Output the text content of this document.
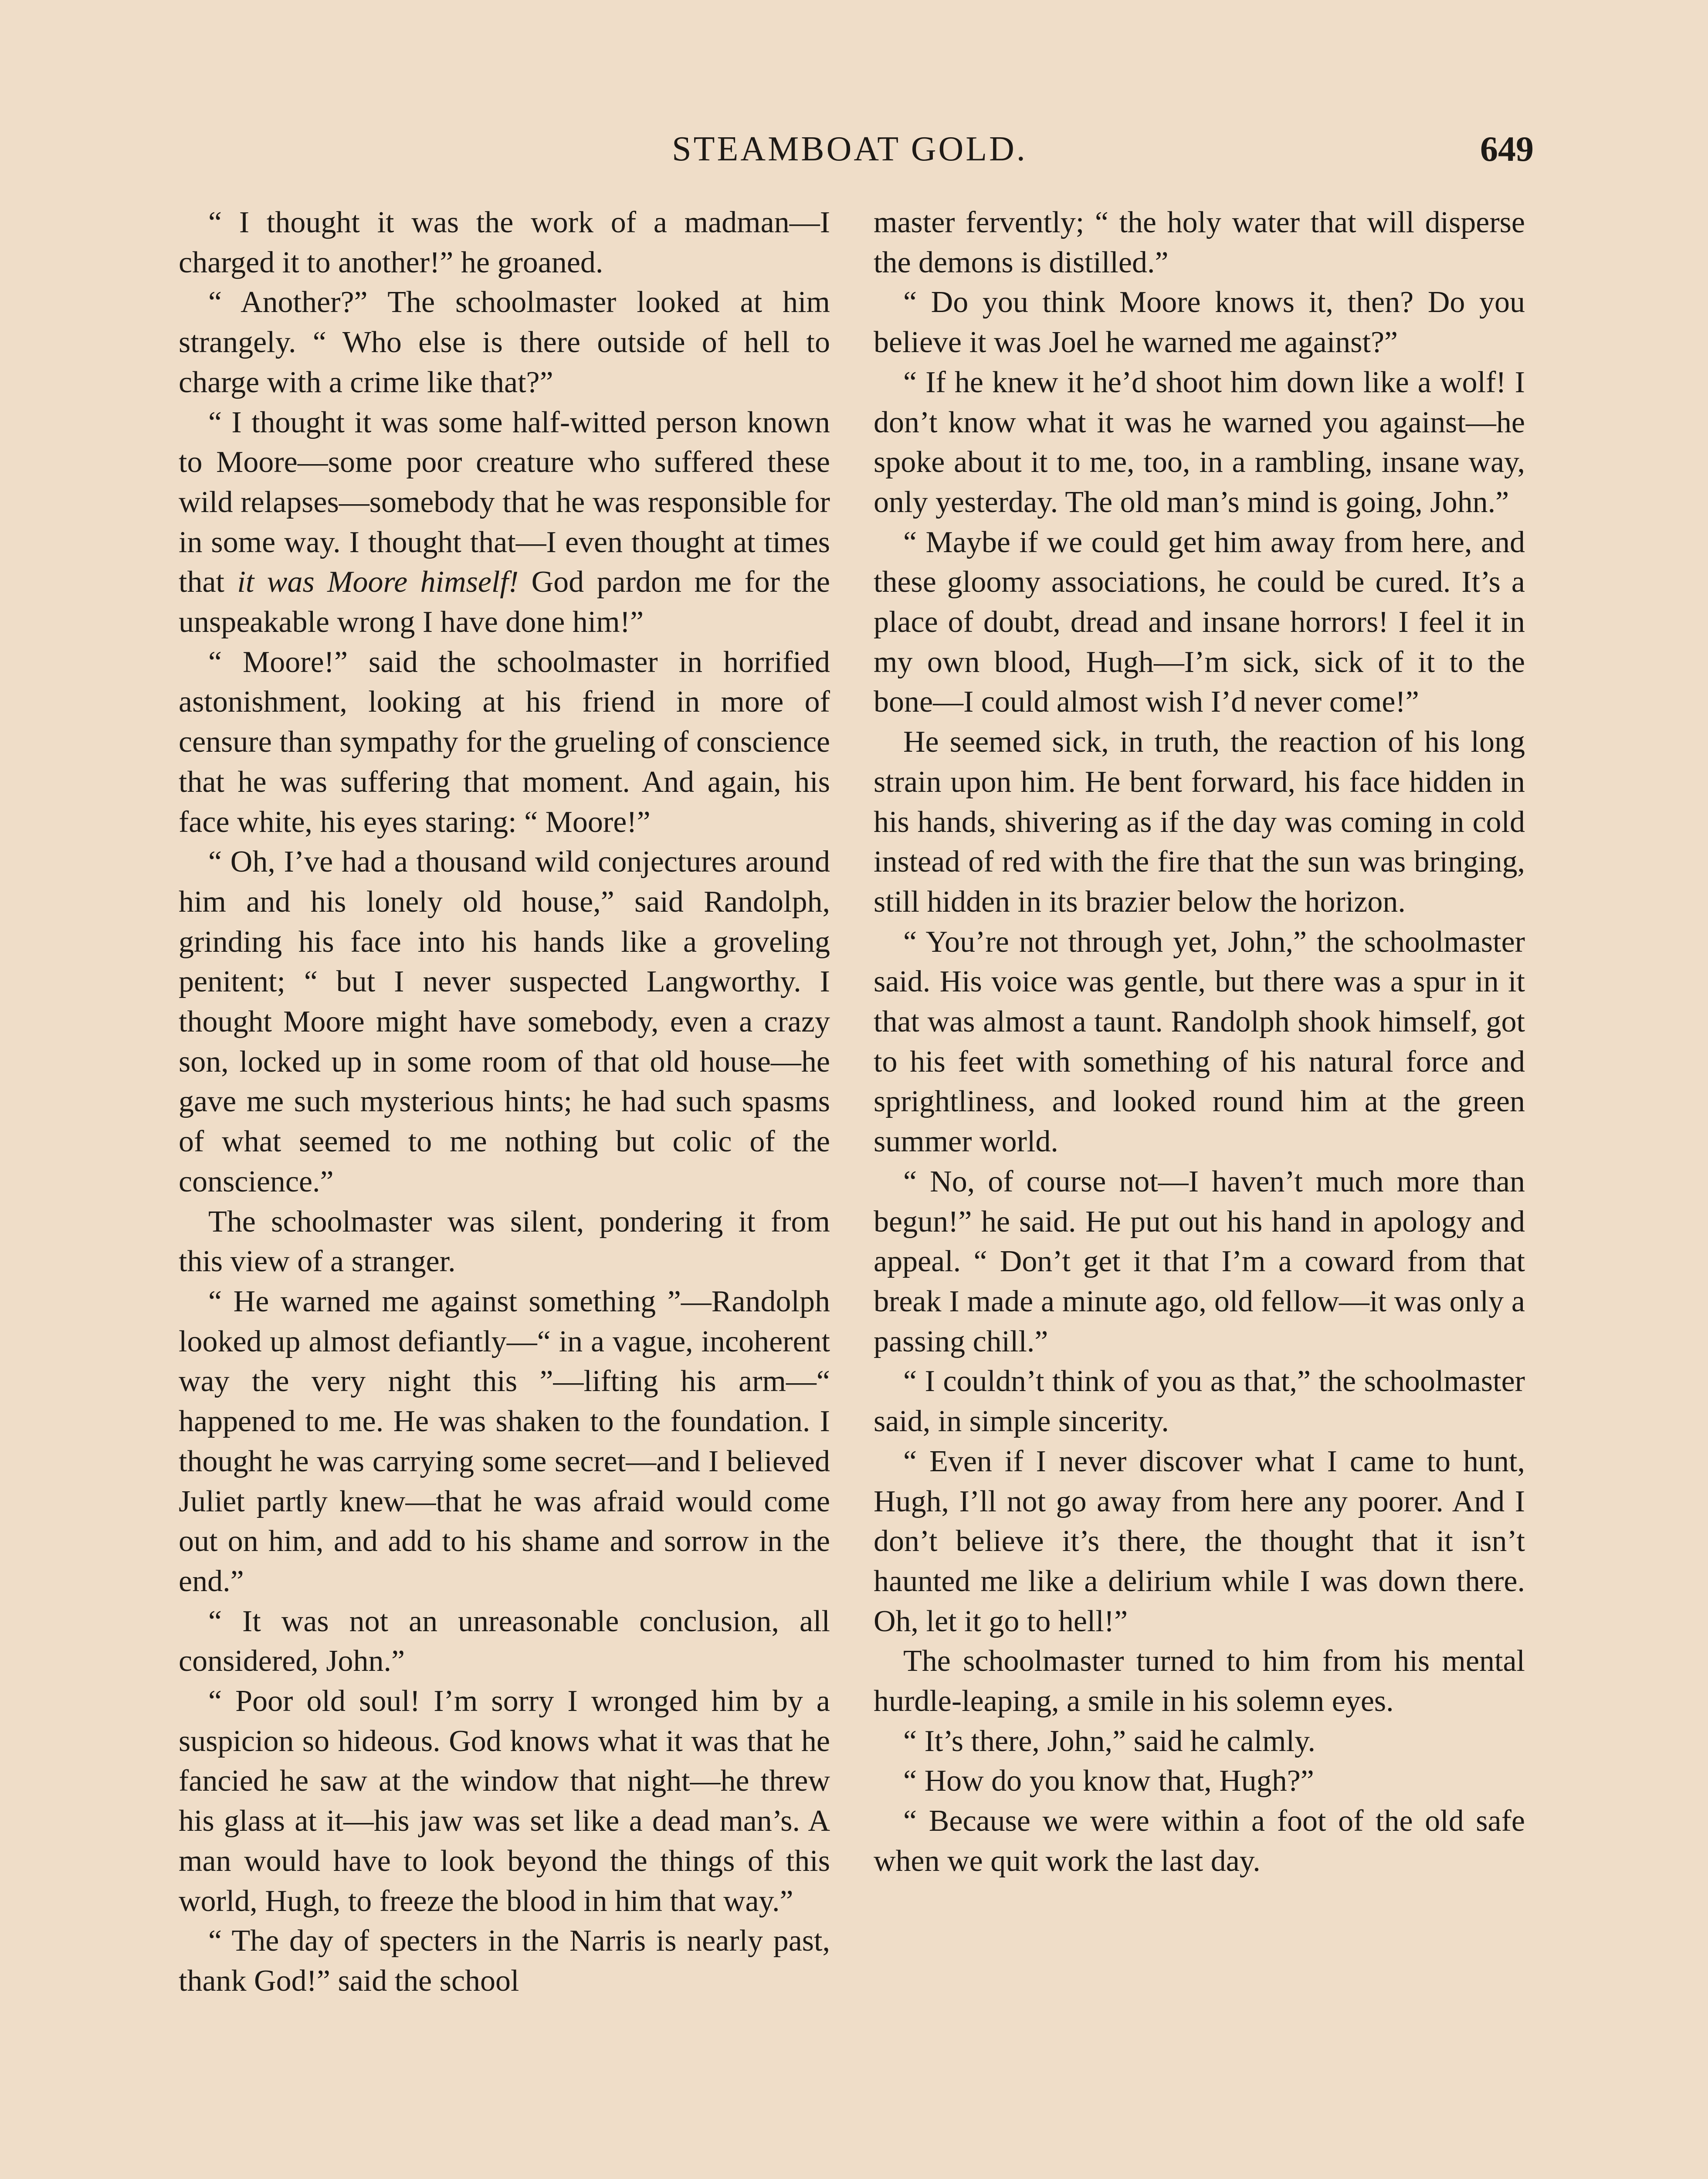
STEAMBOAT GOLD.	649

“ I thought it was the work of a madman—I charged it to another!” he groaned.

“ Another?” The schoolmaster looked at him strangely. “ Who else is there outside of hell to charge with a crime like that?”

“ I thought it was some half-witted person known to Moore—some poor creature who suffered these wild relapses—somebody that he was responsible for in some way. I thought that—I even thought at times that it was Moore himself! God pardon me for the unspeakable wrong I have done him!”

“ Moore!” said the schoolmaster in horrified astonishment, looking at his friend in more of censure than sympathy for the grueling of conscience that he was suffering that moment. And again, his face white, his eyes staring: “ Moore!”

“ Oh, I’ve had a thousand wild conjectures around him and his lonely old house,” said Randolph, grinding his face into his hands like a groveling penitent; “ but I never suspected Langworthy. I thought Moore might have somebody, even a crazy son, locked up in some room of that old house—he gave me such mysterious hints; he had such spasms of what seemed to me nothing but colic of the conscience.”

The schoolmaster was silent, pondering it from this view of a stranger.

“ He warned me against something ”—Randolph looked up almost defiantly—“ in a vague, incoherent way the very night this ”—lifting his arm—“ happened to me. He was shaken to the foundation. I thought he was carrying some secret—and I believed Juliet partly knew—that he was afraid would come out on him, and add to his shame and sorrow in the end.”

“ It was not an unreasonable conclusion, all considered, John.”

“ Poor old soul! I’m sorry I wronged him by a suspicion so hideous. God knows what it was that he fancied he saw at the window that night—he threw his glass at it—his jaw was set like a dead man’s. A man would have to look beyond the things of this world, Hugh, to freeze the blood in him that way.”

“ The day of specters in the Narris is nearly past, thank God!” said the school

master fervently; “ the holy water that will disperse the demons is distilled.”

“ Do you think Moore knows it, then? Do you believe it was Joel he warned me against?”

“ If he knew it he’d shoot him down like a wolf! I don’t know what it was he warned you against—he spoke about it to me, too, in a rambling, insane way, only yesterday. The old man’s mind is going, John.”

“ Maybe if we could get him away from here, and these gloomy associations, he could be cured. It’s a place of doubt, dread and insane horrors! I feel it in my own blood, Hugh—I’m sick, sick of it to the bone—I could almost wish I’d never come!”

He seemed sick, in truth, the reaction of his long strain upon him. He bent forward, his face hidden in his hands, shivering as if the day was coming in cold instead of red with the fire that the sun was bringing, still hidden in its brazier below the horizon.

“ You’re not through yet, John,” the schoolmaster said. His voice was gentle, but there was a spur in it that was almost a taunt. Randolph shook himself, got to his feet with something of his natural force and sprightliness, and looked round him at the green summer world.

“ No, of course not—I haven’t much more than begun!” he said. He put out his hand in apology and appeal. “ Don’t get it that I’m a coward from that break I made a minute ago, old fellow—it was only a passing chill.”

“ I couldn’t think of you as that,” the schoolmaster said, in simple sincerity.

“ Even if I never discover what I came to hunt, Hugh, I’ll not go away from here any poorer. And I don’t believe it’s there, the thought that it isn’t haunted me like a delirium while I was down there. Oh, let it go to hell!”

The schoolmaster turned to him from his mental hurdle-leaping, a smile in his solemn eyes.

“ It’s there, John,” said he calmly.

“ How do you know that, Hugh?”

“ Because we were within a foot of the old safe when we quit work the last day.
